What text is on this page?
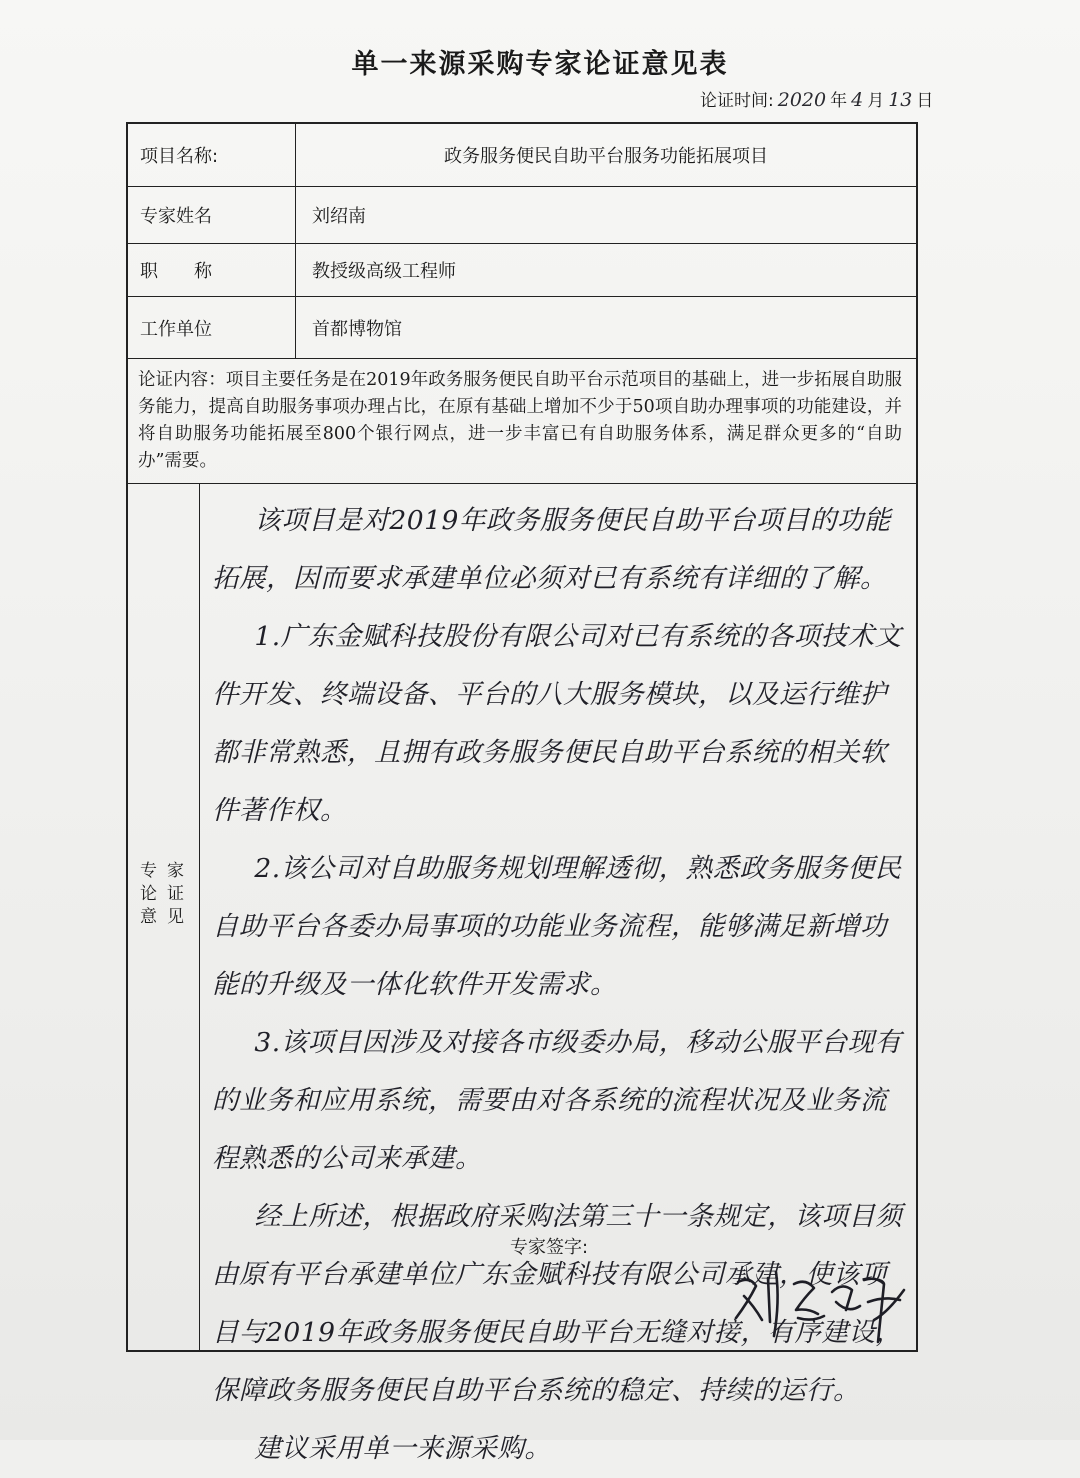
单一来源采购专家论证意见表
论证时间: 2020 年 4 月 13 日
项目名称:	政务服务便民自助平台服务功能拓展项目
专家姓名	刘绍南
职　　称	教授级高级工程师
工作单位	首都博物馆
论证内容：项目主要任务是在2019年政务服务便民自助平台示范项目的基础上，进一步拓展自助服务能力，提高自助服务事项办理占比，在原有基础上增加不少于50项自助办理事项的功能建设，并将自助服务功能拓展至800个银行网点，进一步丰富已有自助服务体系，满足群众更多的“自助办”需要。
专家论证意见

该项目是对2019年政务服务便民自助平台项目的功能拓展，因而要求承建单位必须对已有系统有详细的了解。

1.广东金赋科技股份有限公司对已有系统的各项技术文件开发、终端设备、平台的八大服务模块，以及运行维护都非常熟悉，且拥有政务服务便民自助平台系统的相关软件著作权。

2.该公司对自助服务规划理解透彻，熟悉政务服务便民自助平台各委办局事项的功能业务流程，能够满足新增功能的升级及一体化软件开发需求。

3.该项目因涉及对接各市级委办局，移动公服平台现有的业务和应用系统，需要由对各系统的流程状况及业务流程熟悉的公司来承建。

经上所述，根据政府采购法第三十一条规定，该项目须由原有平台承建单位广东金赋科技有限公司承建，使该项目与2019年政务服务便民自助平台无缝对接，有序建设，保障政务服务便民自助平台系统的稳定、持续的运行。

建议采用单一来源采购。

专家签字:
